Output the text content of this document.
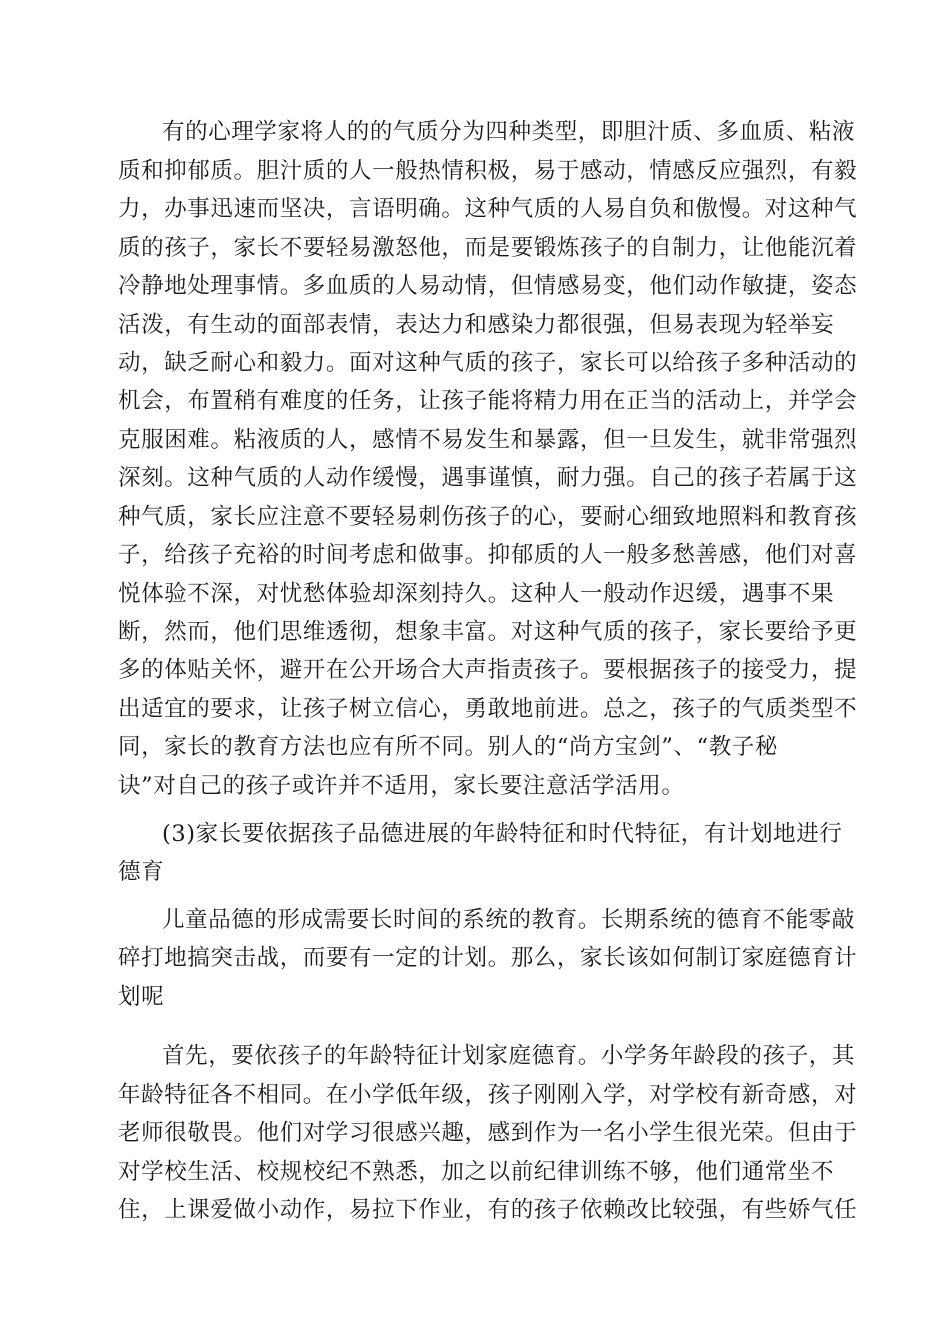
有的心理学家将人的的气质分为四种类型，即胆汁质、多血质、粘液
质和抑郁质。胆汁质的人一般热情积极，易于感动，情感反应强烈，有毅
力，办事迅速而坚决，言语明确。这种气质的人易自负和傲慢。对这种气
质的孩子，家长不要轻易激怒他，而是要锻炼孩子的自制力，让他能沉着
冷静地处理事情。多血质的人易动情，但情感易变，他们动作敏捷，姿态
活泼，有生动的面部表情，表达力和感染力都很强，但易表现为轻举妄
动，缺乏耐心和毅力。面对这种气质的孩子，家长可以给孩子多种活动的
机会，布置稍有难度的任务，让孩子能将精力用在正当的活动上，并学会
克服困难。粘液质的人，感情不易发生和暴露，但一旦发生，就非常强烈
深刻。这种气质的人动作缓慢，遇事谨慎，耐力强。自己的孩子若属于这
种气质，家长应注意不要轻易刺伤孩子的心，要耐心细致地照料和教育孩
子，给孩子充裕的时间考虑和做事。抑郁质的人一般多愁善感，他们对喜
悦体验不深，对忧愁体验却深刻持久。这种人一般动作迟缓，遇事不果
断，然而，他们思维透彻，想象丰富。对这种气质的孩子，家长要给予更
多的体贴关怀，避开在公开场合大声指责孩子。要根据孩子的接受力，提
出适宜的要求，让孩子树立信心，勇敢地前进。总之，孩子的气质类型不
同，家长的教育方法也应有所不同。别人的“尚方宝剑”、“教子秘
诀”对自己的孩子或许并不适用，家长要注意活学活用。
(3)家长要依据孩子品德进展的年龄特征和时代特征，有计划地进行
德育
儿童品德的形成需要长时间的系统的教育。长期系统的德育不能零敲
碎打地搞突击战，而要有一定的计划。那么，家长该如何制订家庭德育计
划呢
首先，要依孩子的年龄特征计划家庭德育。小学务年龄段的孩子，其
年龄特征各不相同。在小学低年级，孩子刚刚入学，对学校有新奇感，对
老师很敬畏。他们对学习很感兴趣，感到作为一名小学生很光荣。但由于
对学校生活、校规校纪不熟悉，加之以前纪律训练不够，他们通常坐不
住，上课爱做小动作，易拉下作业，有的孩子依赖改比较强，有些娇气任
